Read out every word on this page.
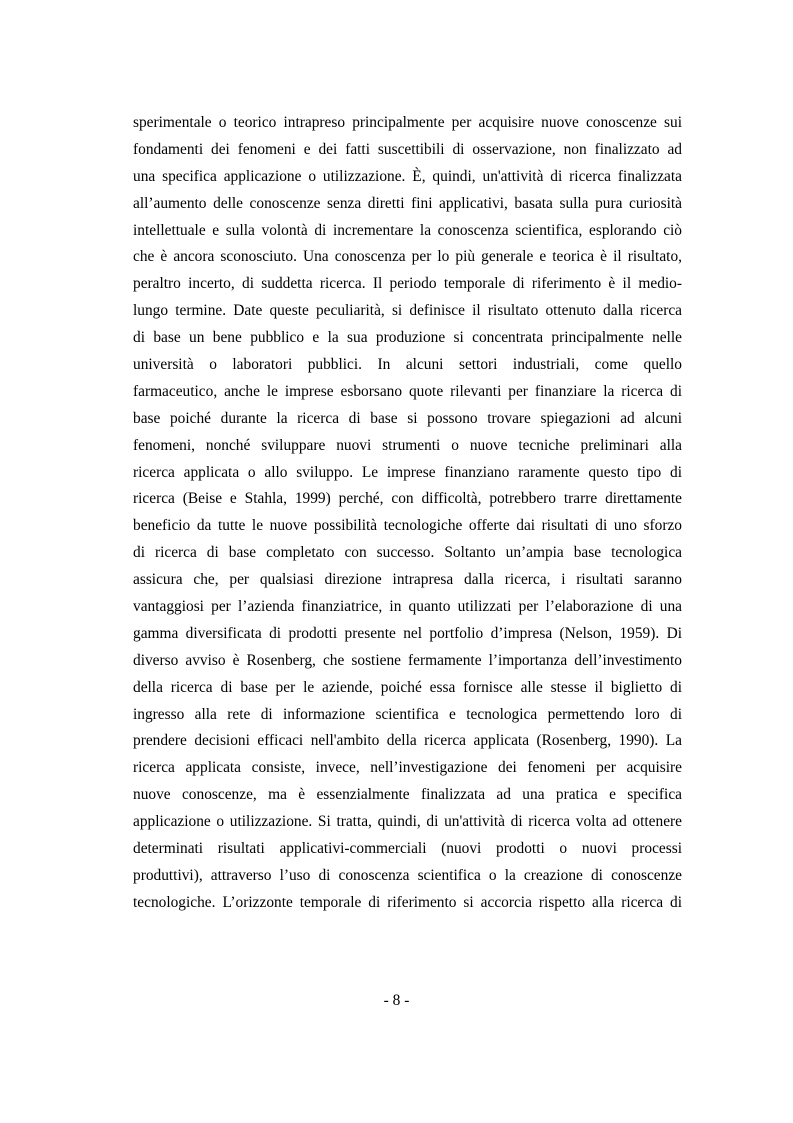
sperimentale o teorico intrapreso principalmente per acquisire nuove conoscenze sui
fondamenti dei fenomeni e dei fatti suscettibili di osservazione, non finalizzato ad
una specifica applicazione o utilizzazione. È, quindi, un'attività di ricerca finalizzata
all’aumento delle conoscenze senza diretti fini applicativi, basata sulla pura curiosità
intellettuale e sulla volontà di incrementare la conoscenza scientifica, esplorando ciò
che è ancora sconosciuto. Una conoscenza per lo più generale e teorica è il risultato,
peraltro incerto, di suddetta ricerca. Il periodo temporale di riferimento è il medio-
lungo termine. Date queste peculiarità, si definisce il risultato ottenuto dalla ricerca
di base un bene pubblico e la sua produzione si concentrata principalmente nelle
università o laboratori pubblici. In alcuni settori industriali, come quello
farmaceutico, anche le imprese esborsano quote rilevanti per finanziare la ricerca di
base poiché durante la ricerca di base si possono trovare spiegazioni ad alcuni
fenomeni, nonché sviluppare nuovi strumenti o nuove tecniche preliminari alla
ricerca applicata o allo sviluppo. Le imprese finanziano raramente questo tipo di
ricerca (Beise e Stahla, 1999) perché, con difficoltà, potrebbero trarre direttamente
beneficio da tutte le nuove possibilità tecnologiche offerte dai risultati di uno sforzo
di ricerca di base completato con successo. Soltanto un’ampia base tecnologica
assicura che, per qualsiasi direzione intrapresa dalla ricerca, i risultati saranno
vantaggiosi per l’azienda finanziatrice, in quanto utilizzati per l’elaborazione di una
gamma diversificata di prodotti presente nel portfolio d’impresa (Nelson, 1959). Di
diverso avviso è Rosenberg, che sostiene fermamente l’importanza dell’investimento
della ricerca di base per le aziende, poiché essa fornisce alle stesse il biglietto di
ingresso alla rete di informazione scientifica e tecnologica permettendo loro di
prendere decisioni efficaci nell'ambito della ricerca applicata (Rosenberg, 1990). La
ricerca applicata consiste, invece, nell’investigazione dei fenomeni per acquisire
nuove conoscenze, ma è essenzialmente finalizzata ad una pratica e specifica
applicazione o utilizzazione. Si tratta, quindi, di un'attività di ricerca volta ad ottenere
determinati risultati applicativi-commerciali (nuovi prodotti o nuovi processi
produttivi), attraverso l’uso di conoscenza scientifica o la creazione di conoscenze
tecnologiche. L’orizzonte temporale di riferimento si accorcia rispetto alla ricerca di
- 8 -
